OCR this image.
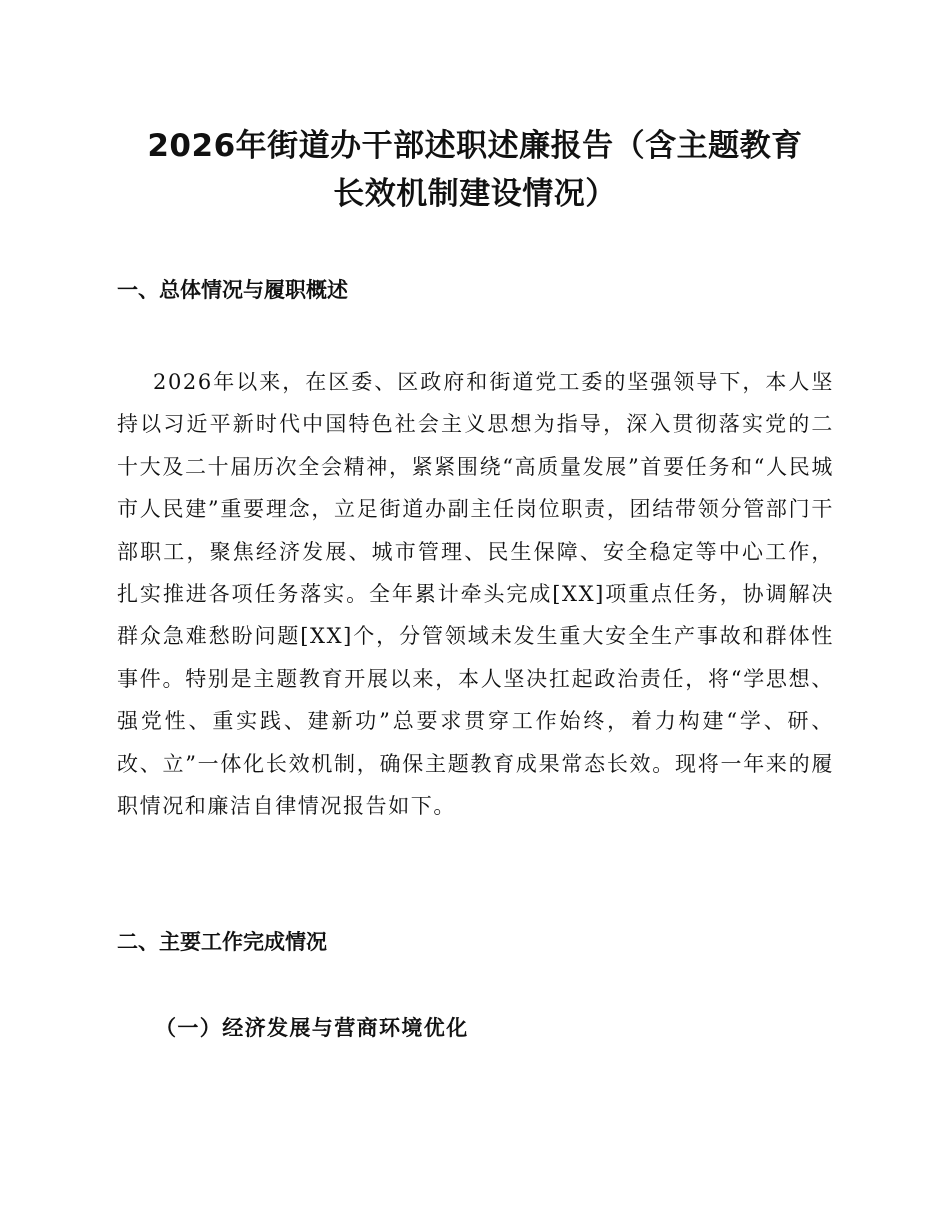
2026年街道办干部述职述廉报告（含主题教育
长效机制建设情况）
一、总体情况与履职概述

2026年以来，在区委、区政府和街道党工委的坚强领导下，本人坚持以习近平新时代中国特色社会主义思想为指导，深入贯彻落实党的二十大及二十届历次全会精神，紧紧围绕“高质量发展”首要任务和“人民城市人民建”重要理念，立足街道办副主任岗位职责，团结带领分管部门干部职工，聚焦经济发展、城市管理、民生保障、安全稳定等中心工作，扎实推进各项任务落实。全年累计牵头完成[XX]项重点任务，协调解决群众急难愁盼问题[XX]个，分管领域未发生重大安全生产事故和群体性事件。特别是主题教育开展以来，本人坚决扛起政治责任，将“学思想、强党性、重实践、建新功”总要求贯穿工作始终，着力构建“学、研、改、立”一体化长效机制，确保主题教育成果常态长效。现将一年来的履职情况和廉洁自律情况报告如下。

二、主要工作完成情况
（一）经济发展与营商环境优化
